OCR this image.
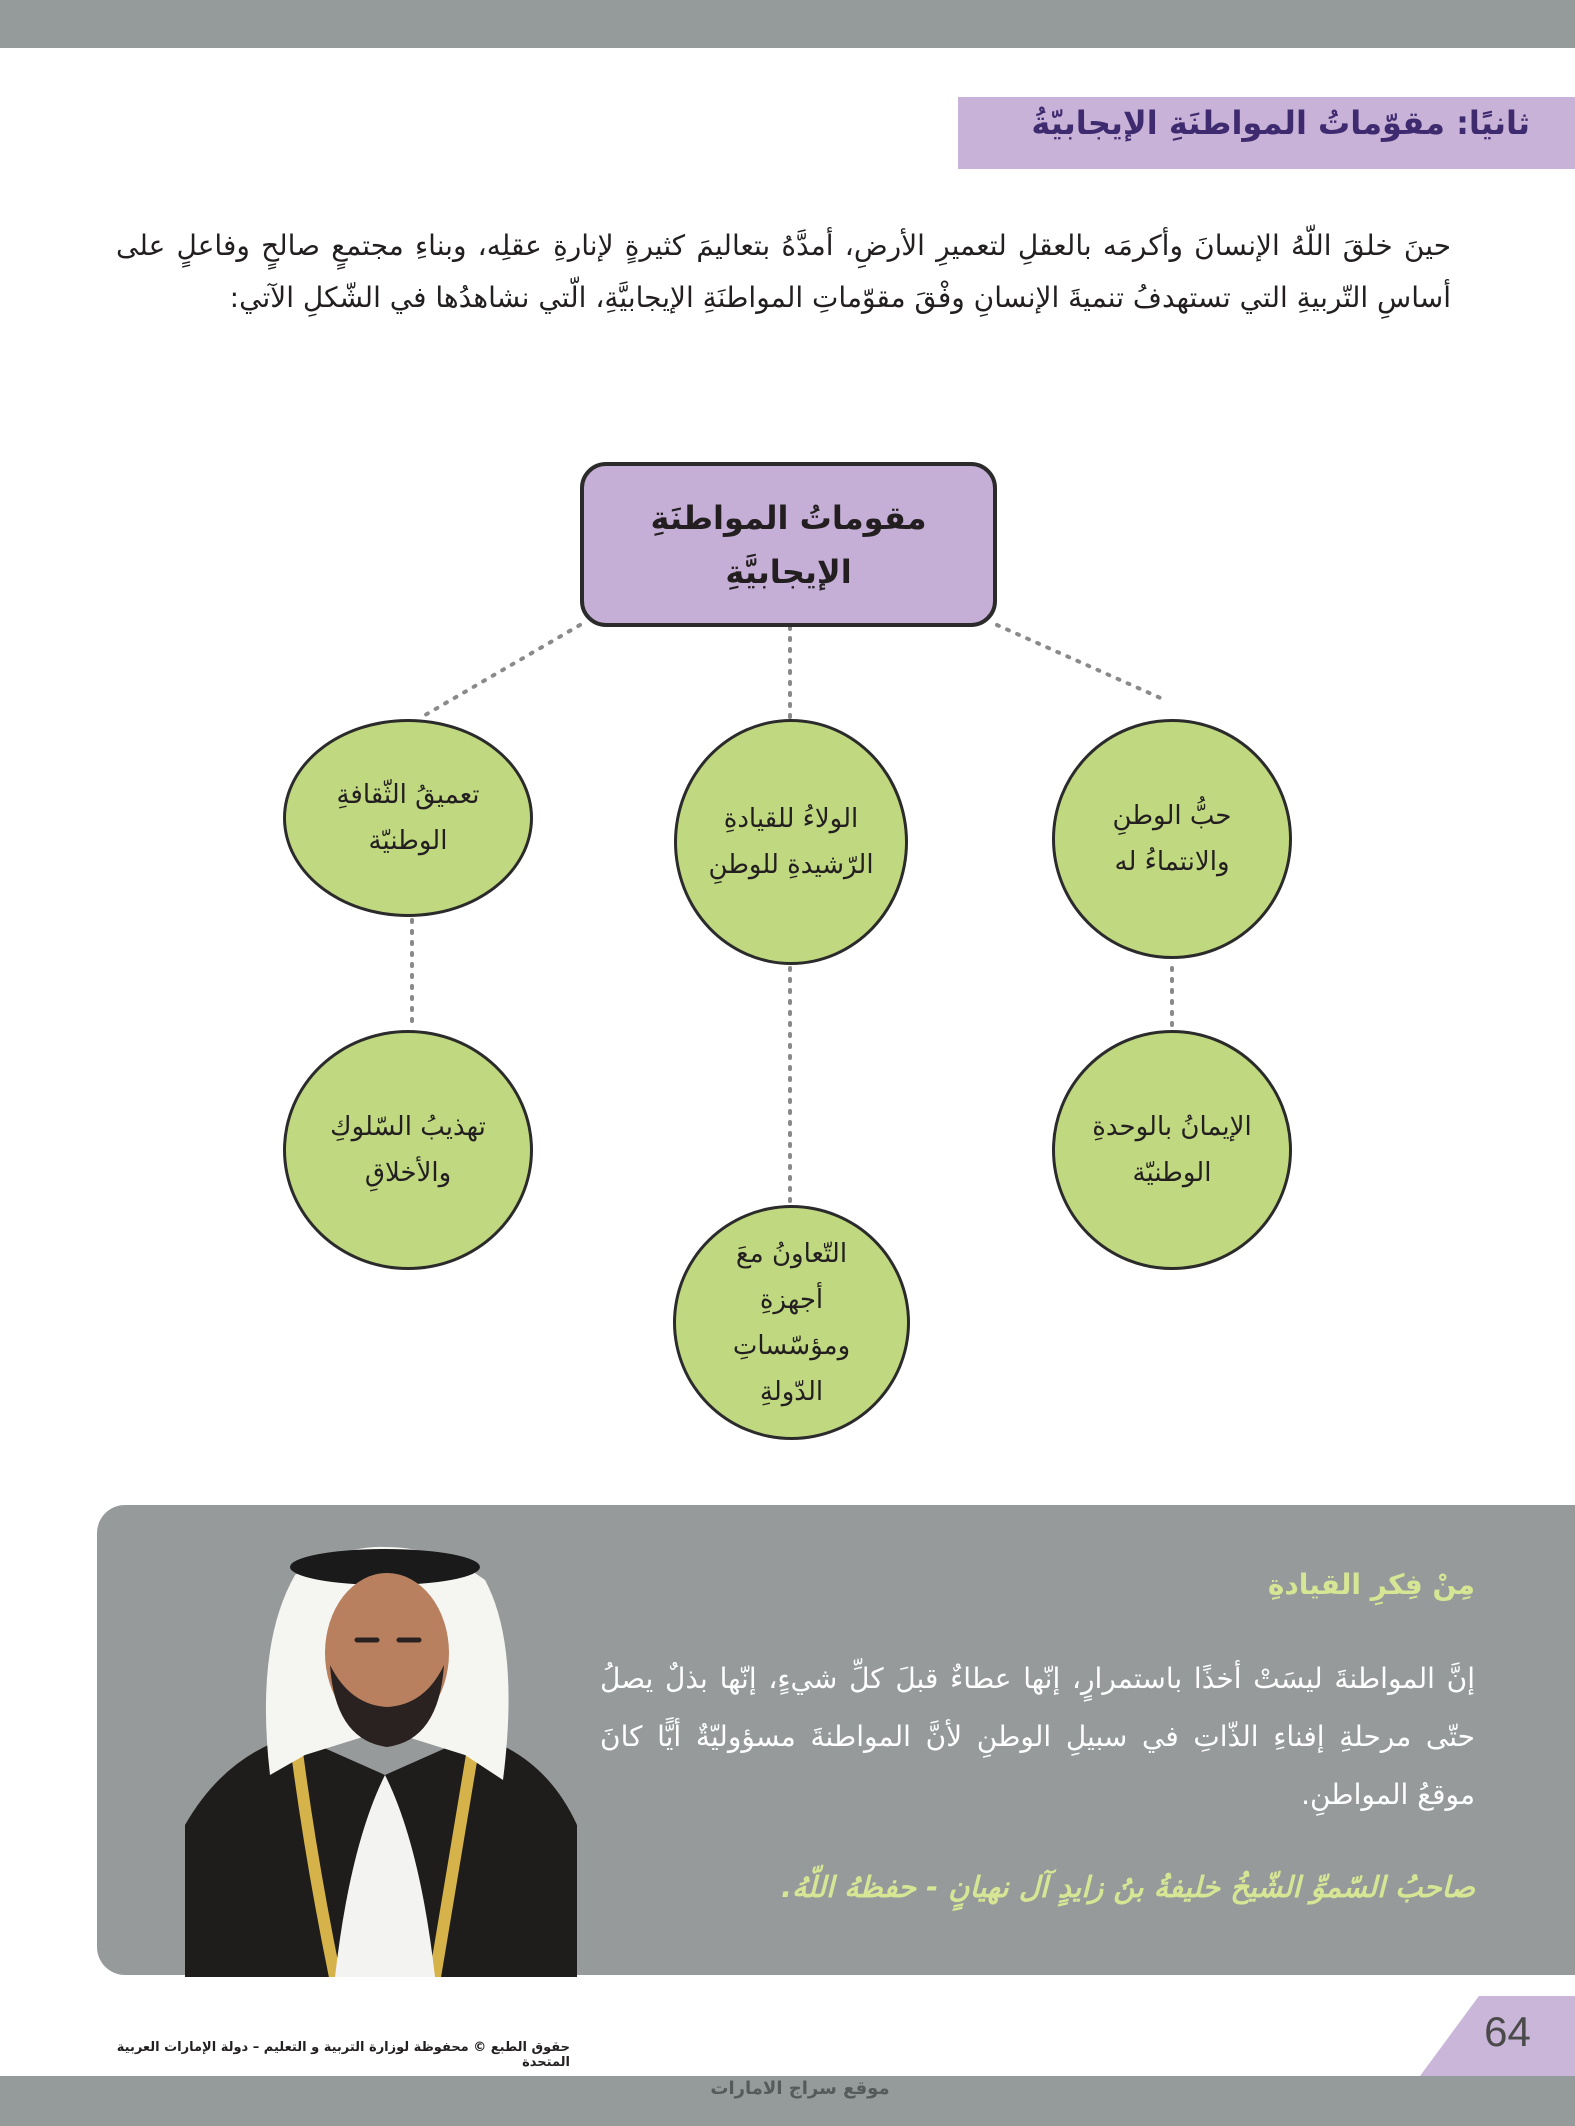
ثانيًا: مقوّماتُ المواطنَةِ الإيجابيّةُ
حينَ خلقَ اللّهُ الإنسانَ وأكرمَه بالعقلِ لتعميرِ الأرضِ، أمدَّهُ بتعاليمَ كثيرةٍ لإنارةِ عقلِه، وبناءِ مجتمعٍ صالحٍ وفاعلٍ على أساسِ التّربيةِ التي تستهدفُ تنميةَ الإنسانِ وفْقَ مقوّماتِ المواطنَةِ الإيجابيَّةِ، الّتي نشاهدُها في الشّكلِ الآتي:
مقوماتُ المواطنَةِ الإيجابيَّةِ
حبُّ الوطنِ والانتماءُ له
الولاءُ للقيادةِ الرّشيدةِ للوطنِ
تعميقُ الثّقافةِ الوطنيّة
الإيمانُ بالوحدةِ الوطنيّة
التّعاونُ معَ أجهزةِ ومؤسّساتِ الدّولةِ
تهذيبُ السّلوكِ والأخلاقِ
مِنْ فِكرِ القيادةِ
إنَّ المواطنةَ ليسَتْ أخذًا باستمرارٍ، إنّها عطاءٌ قبلَ كلِّ شيءٍ، إنّها بذلٌ يصلُ حتّى مرحلةِ إفناءِ الذّاتِ في سبيلِ الوطنِ لأنَّ المواطنةَ مسؤوليّةٌ أيًّا كانَ موقعُ المواطنِ.
صاحبُ السّموِّ الشّيخُ خليفةُ بنُ زايدٍ آل نهيانٍ - حفظهُ اللّهُ.
64
حقوق الطبع © محفوظة لوزارة التربية و التعليم – دولة الإمارات العربية المتحدة
موقع سراج الامارات
